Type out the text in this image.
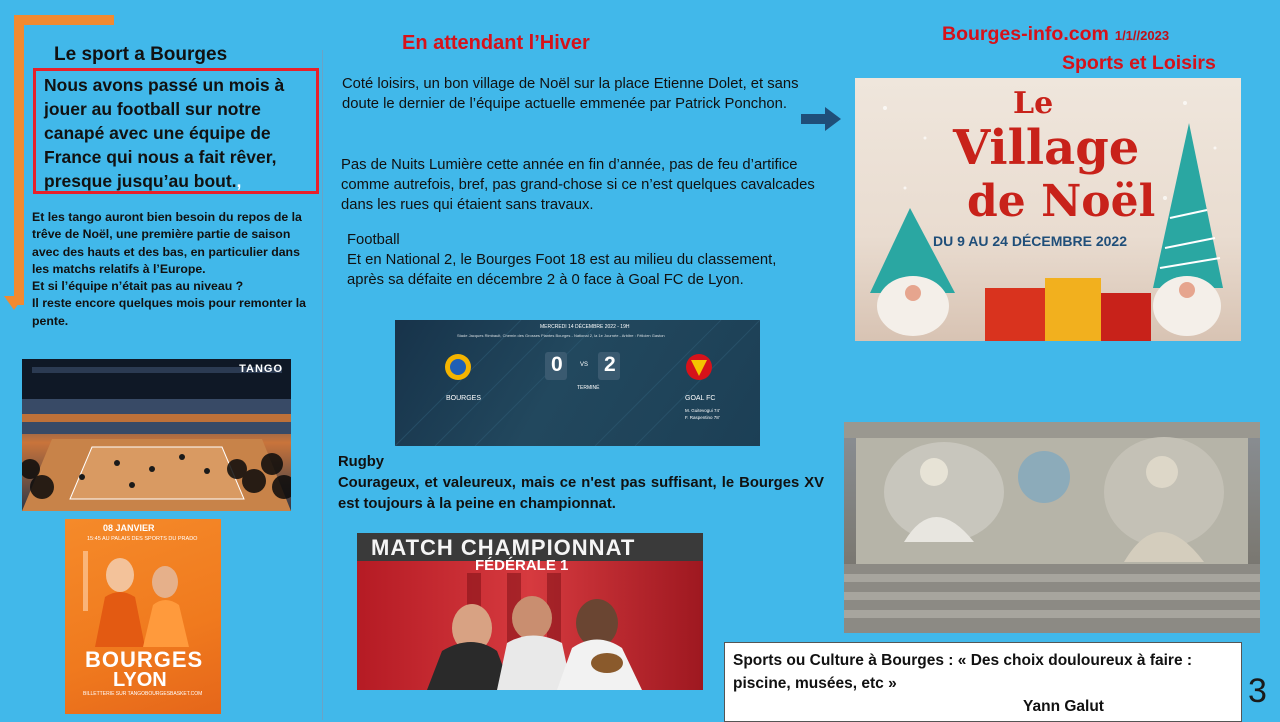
Le sport a Bourges
Nous avons passé un mois à jouer au football sur notre canapé avec une équipe de France qui nous a fait rêver, presque jusqu’au bout.,
Et les tango auront bien besoin du repos de la trêve de Noël, une première partie de saison avec des hauts et des bas, en particulier dans les matchs relatifs à l’Europe.
Et si l’équipe n’était pas au niveau ?
Il reste encore quelques mois pour remonter la pente.
TANGO
08 JANVIER
15:45 AU PALAIS DES SPORTS DU PRADO
BOURGES
LYON
BILLETTERIE SUR TANGOBOURGESBASKET.COM
En attendant l’Hiver
Coté loisirs, un bon village de Noël sur la place Etienne Dolet, et sans doute le dernier de l’équipe actuelle emmenée par Patrick Ponchon.
Pas de Nuits Lumière cette année en fin d’année, pas de feu d’artifice comme autrefois, bref, pas grand-chose si ce n’est quelques cavalcades dans les rues qui étaient sans travaux.
Football
Et en National 2, le Bourges Foot 18 est au milieu du classement, après sa défaite en décembre 2 à 0 face à Goal FC de Lyon.
MERCREDI 14 DÉCEMBRE 2022 - 19H
Stade Jacques Rimbault, Chemin des Grosses Plantes Bourges - National 2, la 1e Journée - Arbitre : Félicien Gaston
0	VS 2
TERMINÉ
BOURGES	GOAL FC
M. Guitevogui 74'
F. Raspentino 78'
Rugby
Courageux, et valeureux, mais ce n'est pas suffisant, le Bourges XV est toujours à la peine en championnat.
MATCH CHAMPIONNAT
FÉDÉRALE 1
Bourges-info.com 1/1//2023
Sports et Loisirs
Le
Village
de Noël
DU 9 AU 24 DÉCEMBRE 2022
Sports ou Culture à Bourges : « Des choix douloureux à faire : piscine, musées, etc »
Yann Galut	3
